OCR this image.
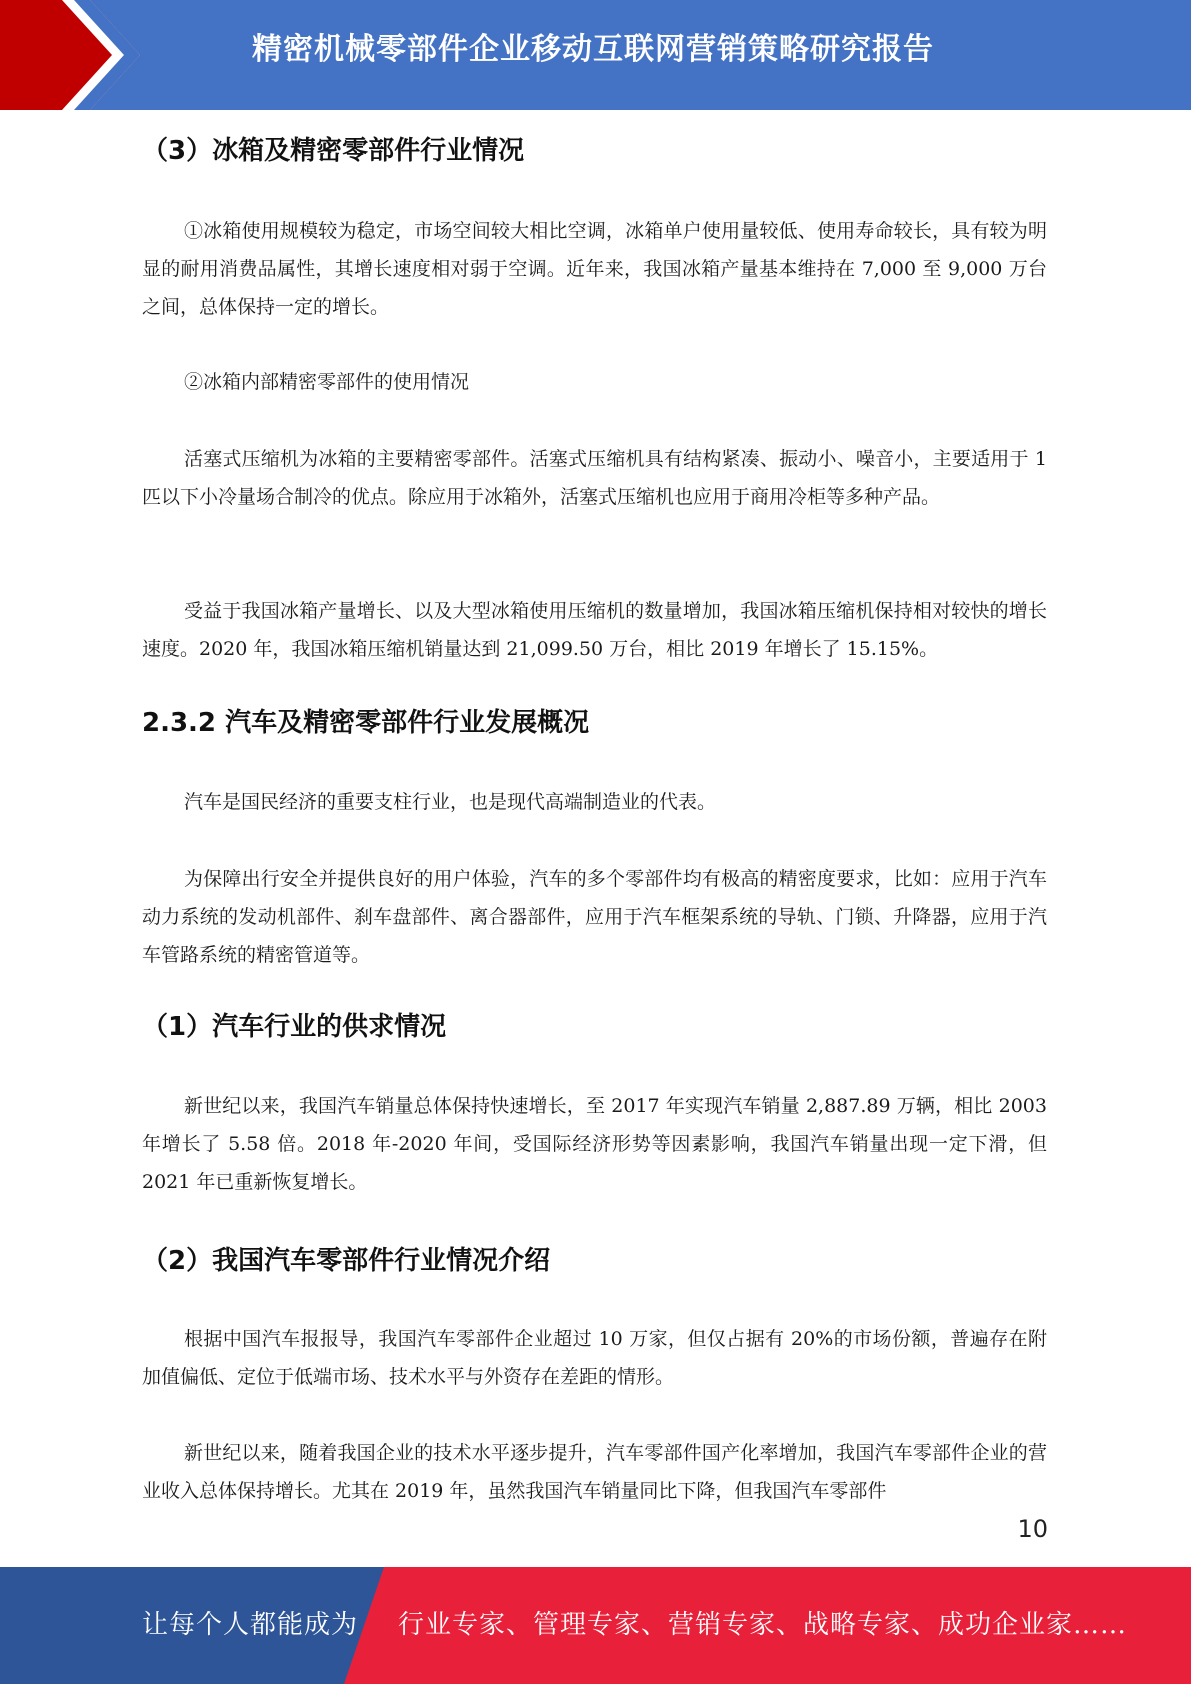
精密机械零部件企业移动互联网营销策略研究报告
（3）冰箱及精密零部件行业情况

①冰箱使用规模较为稳定，市场空间较大相比空调，冰箱单户使用量较低、使用寿命较长，具有较为明显的耐用消费品属性，其增长速度相对弱于空调。近年来，我国冰箱产量基本维持在 7,000 至 9,000 万台之间，总体保持一定的增长。

②冰箱内部精密零部件的使用情况

活塞式压缩机为冰箱的主要精密零部件。活塞式压缩机具有结构紧凑、振动小、噪音小，主要适用于 1 匹以下小冷量场合制冷的优点。除应用于冰箱外，活塞式压缩机也应用于商用冷柜等多种产品。

受益于我国冰箱产量增长、以及大型冰箱使用压缩机的数量增加，我国冰箱压缩机保持相对较快的增长速度。2020 年，我国冰箱压缩机销量达到 21,099.50 万台，相比 2019 年增长了 15.15%。

2.3.2 汽车及精密零部件行业发展概况

汽车是国民经济的重要支柱行业，也是现代高端制造业的代表。

为保障出行安全并提供良好的用户体验，汽车的多个零部件均有极高的精密度要求，比如：应用于汽车动力系统的发动机部件、刹车盘部件、离合器部件，应用于汽车框架系统的导轨、门锁、升降器，应用于汽车管路系统的精密管道等。

（1）汽车行业的供求情况

新世纪以来，我国汽车销量总体保持快速增长，至 2017 年实现汽车销量 2,887.89 万辆，相比 2003 年增长了 5.58 倍。2018 年-2020 年间，受国际经济形势等因素影响，我国汽车销量出现一定下滑，但 2021 年已重新恢复增长。

（2）我国汽车零部件行业情况介绍

根据中国汽车报报导，我国汽车零部件企业超过 10 万家，但仅占据有 20%的市场份额，普遍存在附加值偏低、定位于低端市场、技术水平与外资存在差距的情形。

新世纪以来，随着我国企业的技术水平逐步提升，汽车零部件国产化率增加，我国汽车零部件企业的营业收入总体保持增长。尤其在 2019 年，虽然我国汽车销量同比下降，但我国汽车零部件

10
让每个人都能成为 行业专家、管理专家、营销专家、战略专家、成功企业家……
